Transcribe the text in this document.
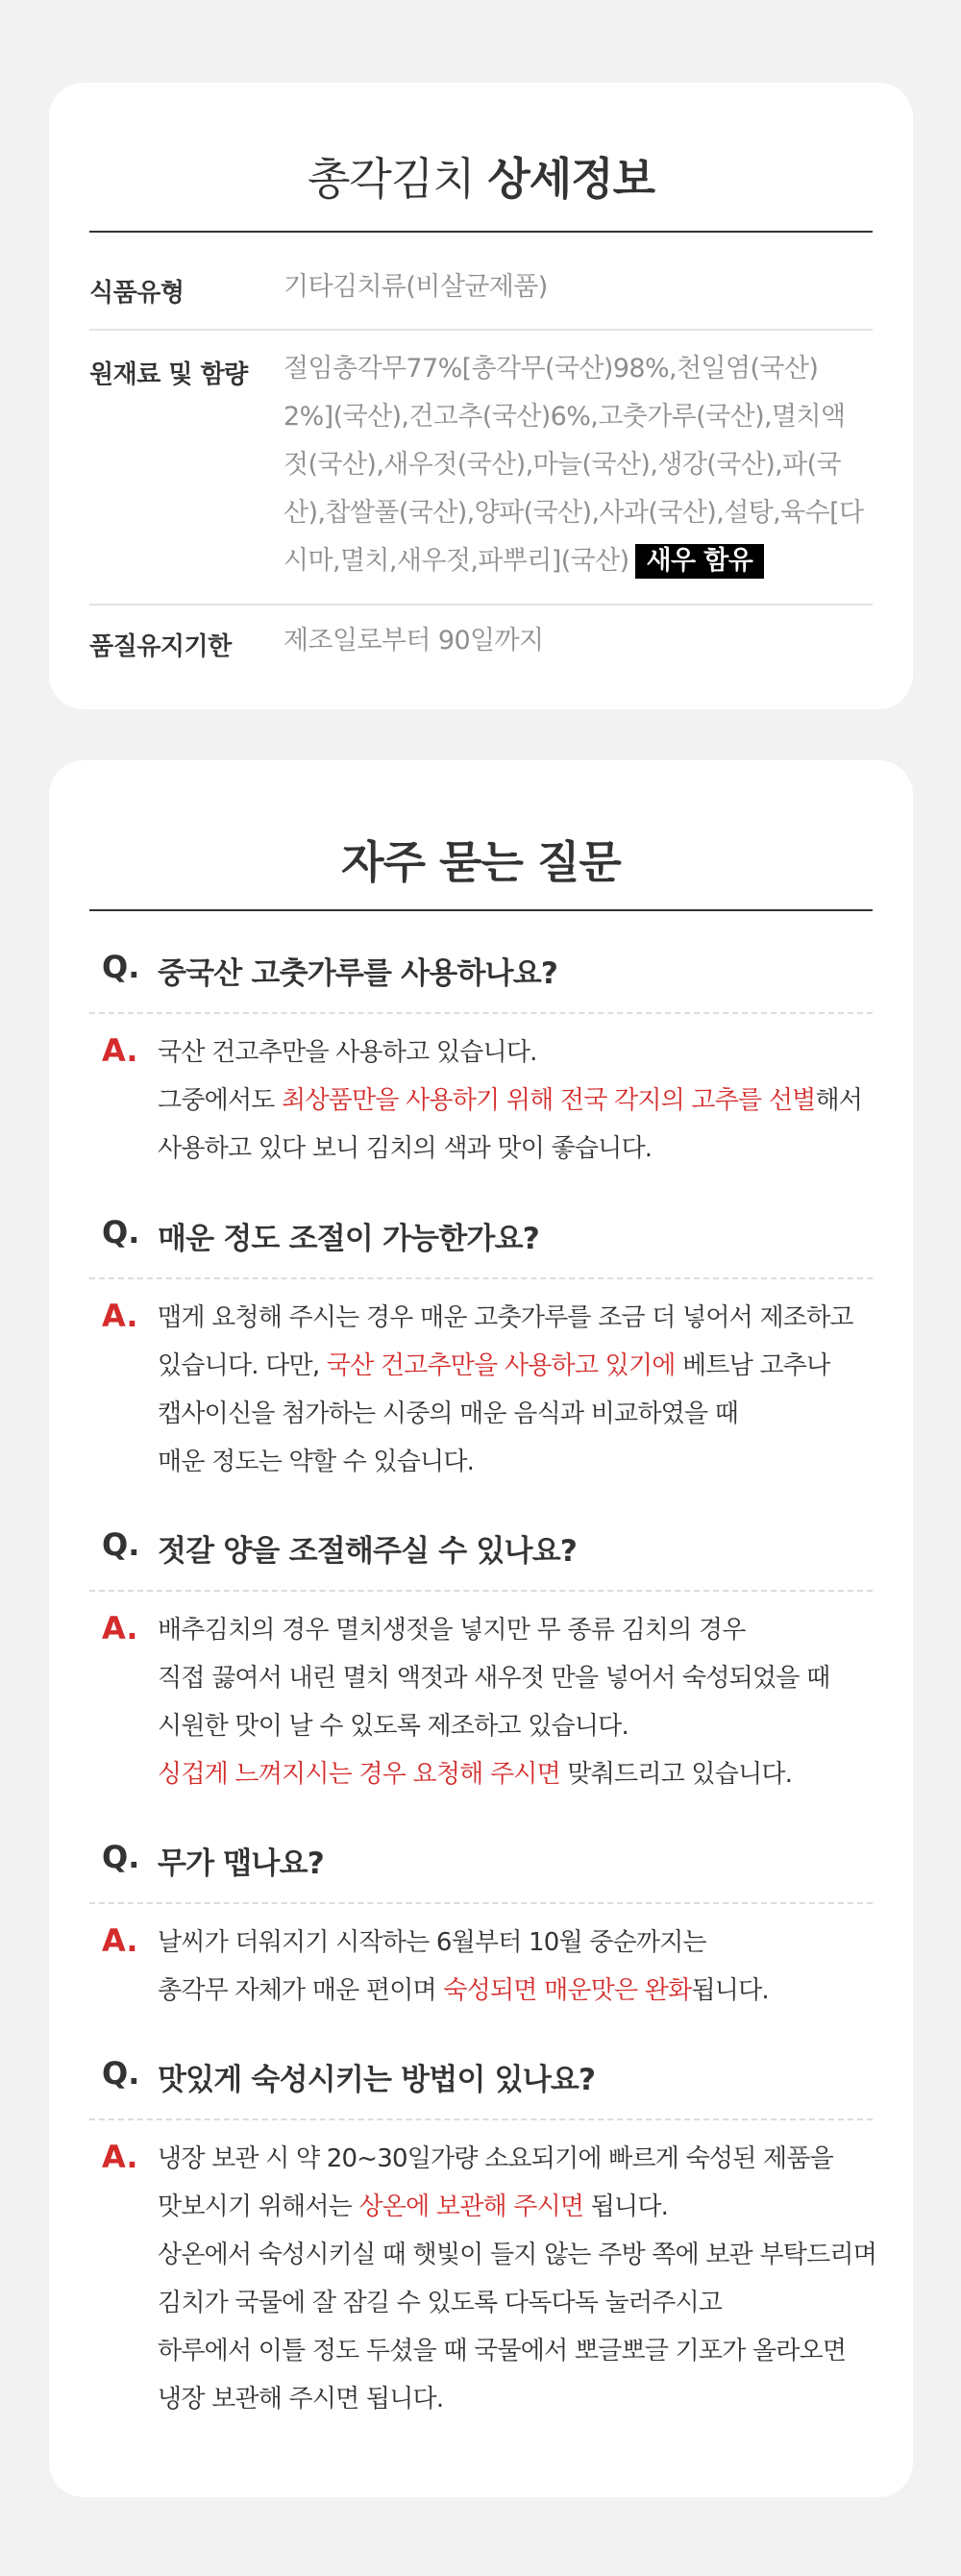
총각김치 상세정보
식품유형	기타김치류(비살균제품)
원재료 및 함량 절임총각무77%[총각무(국산)98%,천일염(국산)2%](국산),건고추(국산)6%,고춧가루(국산),멸치액젓(국산),새우젓(국산),마늘(국산),생강(국산),파(국산),찹쌀풀(국산),양파(국산),사과(국산),설탕,육수[다시마,멸치,새우젓,파뿌리](국산) 새우 함유
품질유지기한 제조일로부터 90일까지
자주 묻는 질문
Q. 중국산 고춧가루를 사용하나요?
A. 국산 건고추만을 사용하고 있습니다.
그중에서도 최상품만을 사용하기 위해 전국 각지의 고추를 선별해서
사용하고 있다 보니 김치의 색과 맛이 좋습니다.
Q. 매운 정도 조절이 가능한가요?
A. 맵게 요청해 주시는 경우 매운 고춧가루를 조금 더 넣어서 제조하고
있습니다. 다만, 국산 건고추만을 사용하고 있기에 베트남 고추나
캡사이신을 첨가하는 시중의 매운 음식과 비교하였을 때
매운 정도는 약할 수 있습니다.
Q. 젓갈 양을 조절해주실 수 있나요?
A. 배추김치의 경우 멸치생젓을 넣지만 무 종류 김치의 경우
직접 끓여서 내린 멸치 액젓과 새우젓 만을 넣어서 숙성되었을 때
시원한 맛이 날 수 있도록 제조하고 있습니다.
싱겁게 느껴지시는 경우 요청해 주시면 맞춰드리고 있습니다.
Q. 무가 맵나요?
A. 날씨가 더워지기 시작하는 6월부터 10월 중순까지는
총각무 자체가 매운 편이며 숙성되면 매운맛은 완화됩니다.
Q. 맛있게 숙성시키는 방법이 있나요?
A. 냉장 보관 시 약 20~30일가량 소요되기에 빠르게 숙성된 제품을
맛보시기 위해서는 상온에 보관해 주시면 됩니다.
상온에서 숙성시키실 때 햇빛이 들지 않는 주방 쪽에 보관 부탁드리며
김치가 국물에 잘 잠길 수 있도록 다독다독 눌러주시고
하루에서 이틀 정도 두셨을 때 국물에서 뽀글뽀글 기포가 올라오면
냉장 보관해 주시면 됩니다.
